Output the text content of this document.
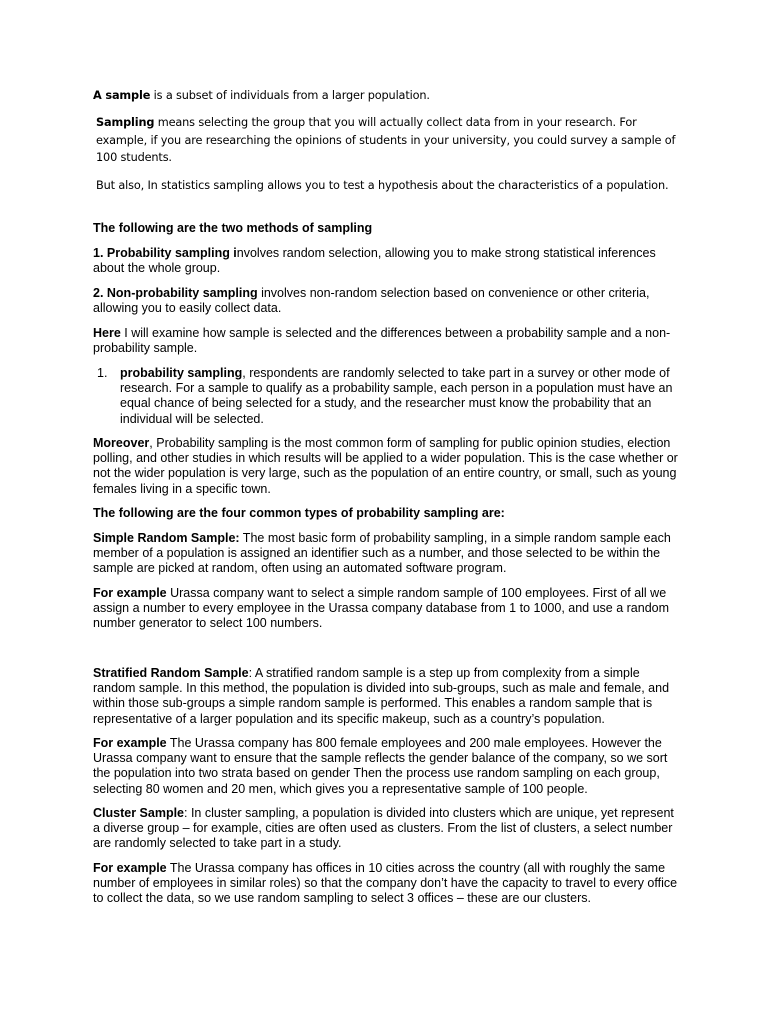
A sample is a subset of individuals from a larger population.

Sampling means selecting the group that you will actually collect data from in your research. For example, if you are researching the opinions of students in your university, you could survey a sample of 100 students.

But also, In statistics sampling allows you to test a hypothesis about the characteristics of a population.

The following are the two methods of sampling

1. Probability sampling involves random selection, allowing you to make strong statistical inferences about the whole group.

2. Non-probability sampling involves non-random selection based on convenience or other criteria, allowing you to easily collect data.

Here I will examine how sample is selected and the differences between a probability sample and a non-probability sample.

1. probability sampling, respondents are randomly selected to take part in a survey or other mode of research. For a sample to qualify as a probability sample, each person in a population must have an equal chance of being selected for a study, and the researcher must know the probability that an individual will be selected.

Moreover, Probability sampling is the most common form of sampling for public opinion studies, election polling, and other studies in which results will be applied to a wider population. This is the case whether or not the wider population is very large, such as the population of an entire country, or small, such as young females living in a specific town.

The following are the four common types of probability sampling are:

Simple Random Sample: The most basic form of probability sampling, in a simple random sample each member of a population is assigned an identifier such as a number, and those selected to be within the sample are picked at random, often using an automated software program.

For example Urassa company want to select a simple random sample of 100 employees. First of all we assign a number to every employee in the Urassa company database from 1 to 1000, and use a random number generator to select 100 numbers.

Stratified Random Sample: A stratified random sample is a step up from complexity from a simple random sample. In this method, the population is divided into sub-groups, such as male and female, and within those sub-groups a simple random sample is performed. This enables a random sample that is representative of a larger population and its specific makeup, such as a country’s population.

For example The Urassa company has 800 female employees and 200 male employees. However the Urassa company want to ensure that the sample reflects the gender balance of the company, so we sort the population into two strata based on gender Then the process use random sampling on each group, selecting 80 women and 20 men, which gives you a representative sample of 100 people.

Cluster Sample: In cluster sampling, a population is divided into clusters which are unique, yet represent a diverse group – for example, cities are often used as clusters. From the list of clusters, a select number are randomly selected to take part in a study.

For example The Urassa company has offices in 10 cities across the country (all with roughly the same number of employees in similar roles) so that the company don’t have the capacity to travel to every office to collect the data, so we use random sampling to select 3 offices – these are our clusters.
